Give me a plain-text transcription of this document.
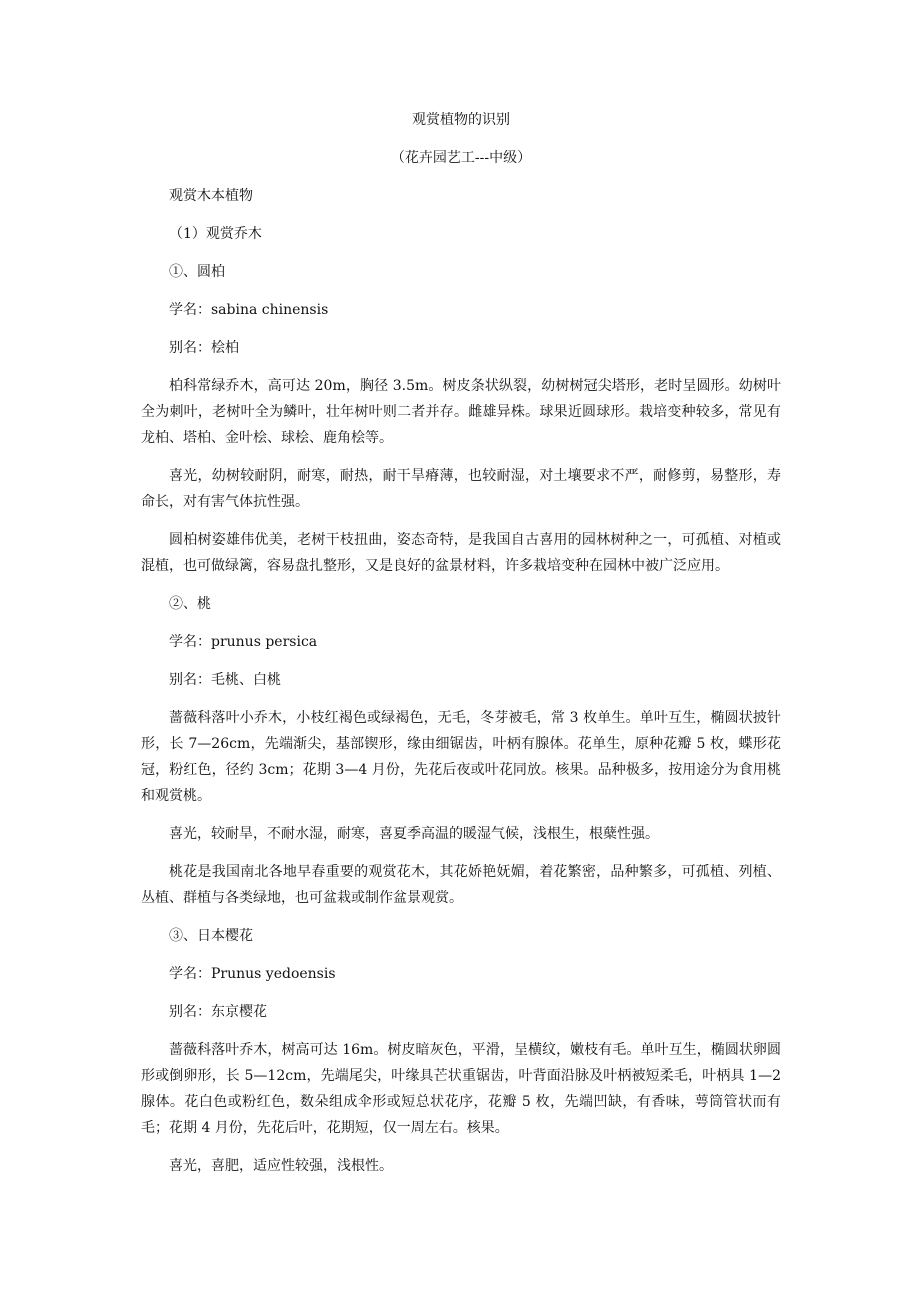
观赏植物的识别
（花卉园艺工---中级）

观赏木本植物

（1）观赏乔木

①、圆柏

学名：sabina chinensis

别名：桧柏

柏科常绿乔木，高可达 20m，胸径 3.5m。树皮条状纵裂，幼树树冠尖塔形，老时呈圆形。幼树叶全为刺叶，老树叶全为鳞叶，壮年树叶则二者并存。雌雄异株。球果近圆球形。栽培变种较多，常见有龙柏、塔柏、金叶桧、球桧、鹿角桧等。

喜光，幼树较耐阴，耐寒，耐热，耐干旱瘠薄，也较耐湿，对土壤要求不严，耐修剪，易整形，寿命长，对有害气体抗性强。

圆柏树姿雄伟优美，老树干枝扭曲，姿态奇特，是我国自古喜用的园林树种之一，可孤植、对植或混植，也可做绿篱，容易盘扎整形，又是良好的盆景材料，许多栽培变种在园林中被广泛应用。

②、桃

学名：prunus persica

别名：毛桃、白桃

蔷薇科落叶小乔木，小枝红褐色或绿褐色，无毛，冬芽被毛，常 3 枚单生。单叶互生，椭圆状披针形，长 7—26cm，先端渐尖，基部锲形，缘由细锯齿，叶柄有腺体。花单生，原种花瓣 5 枚，蝶形花冠，粉红色，径约 3cm；花期 3—4 月份，先花后夜或叶花同放。核果。品种极多，按用途分为食用桃和观赏桃。

喜光，较耐旱，不耐水湿，耐寒，喜夏季高温的暖湿气候，浅根生，根蘖性强。

桃花是我国南北各地早春重要的观赏花木，其花娇艳妩媚，着花繁密，品种繁多，可孤植、列植、丛植、群植与各类绿地，也可盆栽或制作盆景观赏。

③、日本樱花

学名：Prunus yedoensis

别名：东京樱花

蔷薇科落叶乔木，树高可达 16m。树皮暗灰色，平滑，呈横纹，嫩枝有毛。单叶互生，椭圆状卵圆形或倒卵形，长 5—12cm，先端尾尖，叶缘具芒状重锯齿，叶背面沿脉及叶柄被短柔毛，叶柄具 1—2 腺体。花白色或粉红色，数朵组成伞形或短总状花序，花瓣 5 枚，先端凹缺，有香味，萼筒管状而有毛；花期 4 月份，先花后叶，花期短，仅一周左右。核果。

喜光，喜肥，适应性较强，浅根性。
